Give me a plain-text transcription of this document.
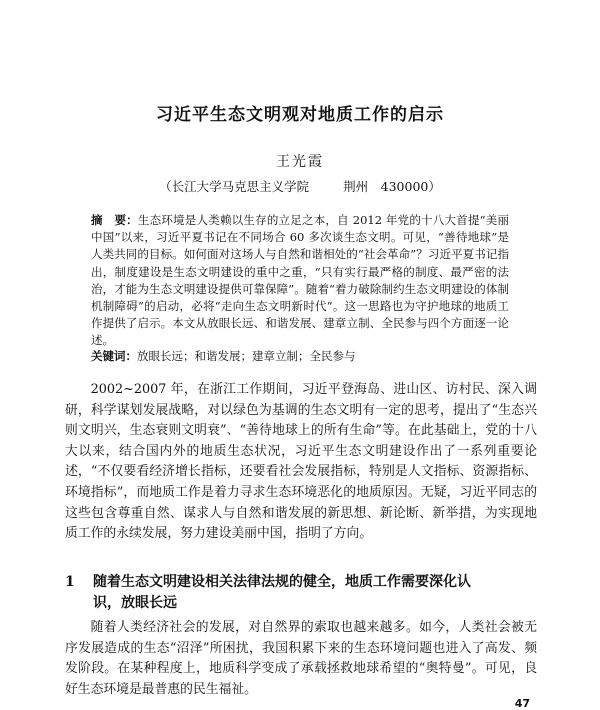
习近平生态文明观对地质工作的启示
王光霞
（长江大学马克思主义学院	荆州　430000）
摘　要：生态环境是人类赖以生存的立足之本，自 2012 年党的十八大首提“美丽中国”以来，习近平夏书记在不同场合 60 多次谈生态文明。可见，“善待地球”是人类共同的目标。如何面对这场人与自然和谐相处的“社会革命”？习近平夏书记指出，制度建设是生态文明建设的重中之重，“只有实行最严格的制度、最严密的法治，才能为生态文明建设提供可靠保障”。随着“着力破除制约生态文明建设的体制机制障碍”的启动，必将“走向生态文明新时代”。这一思路也为守护地球的地质工作提供了启示。本文从放眼长远、和谐发展、建章立制、全民参与四个方面逐一论述。
关键词：放眼长远；和谐发展；建章立制；全民参与
2002~2007 年，在浙江工作期间，习近平登海岛、进山区、访村民、深入调研，科学谋划发展战略，对以绿色为基调的生态文明有一定的思考，提出了“生态兴则文明兴，生态衰则文明衰”、“善待地球上的所有生命”等。在此基础上，党的十八大以来，结合国内外的地质生态状况，习近平生态文明建设作出了一系列重要论述，“不仅要看经济增长指标，还要看社会发展指标，特别是人文指标、资源指标、环境指标”，而地质工作是着力寻求生态环境恶化的地质原因。无疑，习近平同志的这些包含尊重自然、谋求人与自然和谐发展的新思想、新论断、新举措，为实现地质工作的永续发展，努力建设美丽中国，指明了方向。
1 随着生态文明建设相关法律法规的健全，地质工作需要深化认
识，放眼长远
随着人类经济社会的发展，对自然界的索取也越来越多。如今，人类社会被无序发展造成的生态“沼泽”所困扰，我国积累下来的生态环境问题也进入了高发、频发阶段。在某种程度上，地质科学变成了承载拯救地球希望的“奥特曼”。可见，良好生态环境是最普惠的民生福祉。
47
